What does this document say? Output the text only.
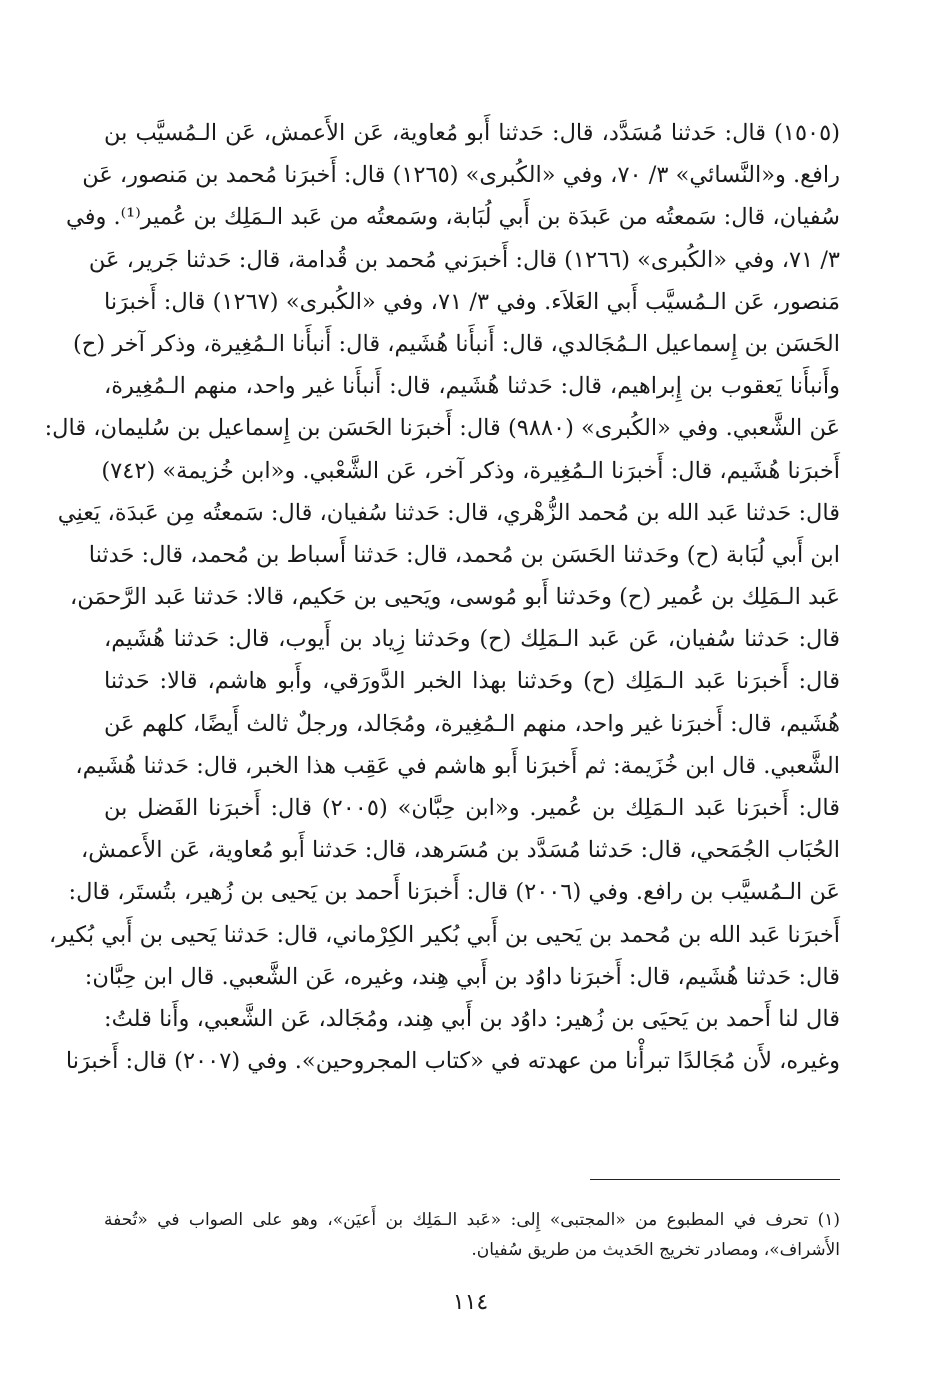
(١٥٠٥) قال: حَدثنا مُسَدَّد، قال: حَدثنا أَبو مُعاوية، عَن الأَعمش، عَن الـمُسيَّب بن
رافع. و«النَّسائي» ٣/ ٧٠، وفي «الكُبرى» (١٢٦٥) قال: أَخبرَنا مُحمد بن مَنصور، عَن
سُفيان، قال: سَمعتُه من عَبدَة بن أَبي لُبَابة، وسَمعتُه من عَبد الـمَلِك بن عُمير⁽¹⁾. وفي
٣/ ٧١، وفي «الكُبرى» (١٢٦٦) قال: أَخبرَني مُحمد بن قُدامة، قال: حَدثنا جَرير، عَن
مَنصور، عَن الـمُسيَّب أَبي العَلاَء. وفي ٣/ ٧١، وفي «الكُبرى» (١٢٦٧) قال: أَخبرَنا
الحَسَن بن إِسماعيل الـمُجَالدي، قال: أَنبأَنا هُشَيم، قال: أَنبأَنا الـمُغِيرة، وذكر آخر (ح)
وأَنبأَنا يَعقوب بن إِبراهيم، قال: حَدثنا هُشَيم، قال: أَنبأَنا غير واحد، منهم الـمُغِيرة،
عَن الشَّعبي. وفي «الكُبرى» (٩٨٨٠) قال: أَخبرَنا الحَسَن بن إِسماعيل بن سُليمان، قال:
أَخبرَنا هُشَيم، قال: أَخبرَنا الـمُغِيرة، وذكر آخر، عَن الشَّعْبي. و«ابن خُزيمة» (٧٤٢)
قال: حَدثنا عَبد الله بن مُحمد الزُّهْري، قال: حَدثنا سُفيان، قال: سَمعتُه مِن عَبدَة، يَعنِي
ابن أَبي لُبَابة (ح) وحَدثنا الحَسَن بن مُحمد، قال: حَدثنا أَسباط بن مُحمد، قال: حَدثنا
عَبد الـمَلِك بن عُمير (ح) وحَدثنا أَبو مُوسى، ويَحيى بن حَكيم، قالا: حَدثنا عَبد الرَّحمَن،
قال: حَدثنا سُفيان، عَن عَبد الـمَلِك (ح) وحَدثنا زِياد بن أَيوب، قال: حَدثنا هُشَيم،
قال: أَخبرَنا عَبد الـمَلِك (ح) وحَدثنا بهذا الخبر الدَّورَقي، وأَبو هاشم، قالا: حَدثنا
هُشَيم، قال: أَخبرَنا غير واحد، منهم الـمُغِيرة، ومُجَالد، ورجلٌ ثالث أَيضًا، كلهم عَن
الشَّعبي. قال ابن خُزَيمة: ثم أَخبرَنا أَبو هاشم في عَقِب هذا الخبر، قال: حَدثنا هُشَيم،
قال: أَخبرَنا عَبد الـمَلِك بن عُمير. و«ابن حِبَّان» (٢٠٠٥) قال: أَخبرَنا الفَضل بن
الحُبَاب الجُمَحي، قال: حَدثنا مُسَدَّد بن مُسَرهد، قال: حَدثنا أَبو مُعاوية، عَن الأَعمش،
عَن الـمُسيَّب بن رافع. وفي (٢٠٠٦) قال: أَخبرَنا أَحمد بن يَحيى بن زُهير، بتُستَر، قال:
أَخبرَنا عَبد الله بن مُحمد بن يَحيى بن أَبي بُكير الكِرْماني، قال: حَدثنا يَحيى بن أَبي بُكير،
قال: حَدثنا هُشَيم، قال: أَخبرَنا داوُد بن أَبي هِند، وغيره، عَن الشَّعبي. قال ابن حِبَّان:
قال لنا أَحمد بن يَحيَى بن زُهير: داوُد بن أَبي هِند، ومُجَالد، عَن الشَّعبي، وأَنا قلتُ:
وغيره، لأَن مُجَالدًا تبرأْنا من عهدته في «كتاب المجروحين». وفي (٢٠٠٧) قال: أَخبرَنا
(١) تحرف في المطبوع من «المجتبى» إِلى: «عَبد الـمَلِك بن أَعيَن»، وهو على الصواب في «تُحفة
الأَشراف»، ومصادر تخريج الحَديث من طريق سُفيان.
١١٤
